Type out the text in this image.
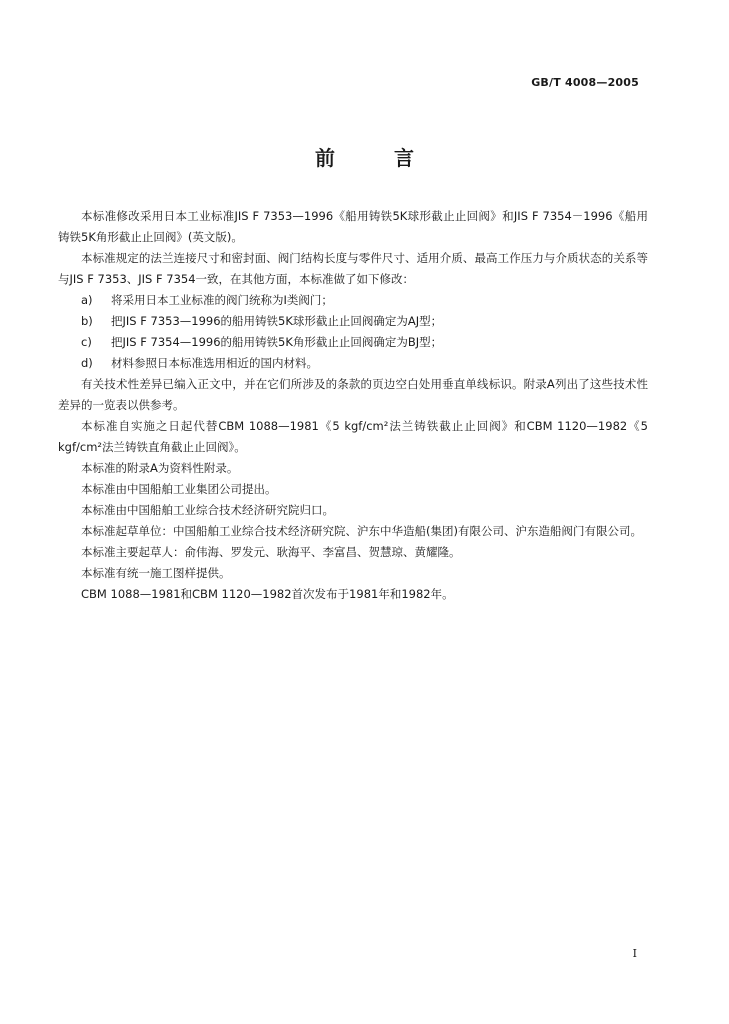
GB/T 4008—2005
前 言

本标准修改采用日本工业标准JIS F 7353—1996《船用铸铁5K球形截止止回阀》和JIS F 7354－1996《船用铸铁5K角形截止止回阀》(英文版)。

本标准规定的法兰连接尺寸和密封面、阀门结构长度与零件尺寸、适用介质、最高工作压力与介质状态的关系等与JIS F 7353、JIS F 7354一致，在其他方面，本标准做了如下修改：

a)	将采用日本工业标准的阀门统称为Ⅰ类阀门；
b)	把JIS F 7353—1996的船用铸铁5K球形截止止回阀确定为AJ型；
c)	把JIS F 7354—1996的船用铸铁5K角形截止止回阀确定为BJ型；
d)	材料参照日本标准选用相近的国内材料。

有关技术性差异已编入正文中，并在它们所涉及的条款的页边空白处用垂直单线标识。附录A列出了这些技术性差异的一览表以供参考。

本标准自实施之日起代替CBM 1088—1981《5 kgf/cm²法兰铸铁截止止回阀》和CBM 1120—1982《5 kgf/cm²法兰铸铁直角截止止回阀》。

本标准的附录A为资料性附录。

本标准由中国船舶工业集团公司提出。

本标准由中国船舶工业综合技术经济研究院归口。

本标准起草单位：中国船舶工业综合技术经济研究院、沪东中华造船(集团)有限公司、沪东造船阀门有限公司。

本标准主要起草人：俞伟海、罗发元、耿海平、李富昌、贺慧琼、黄耀隆。

本标准有统一施工图样提供。

CBM 1088—1981和CBM 1120—1982首次发布于1981年和1982年。

I
